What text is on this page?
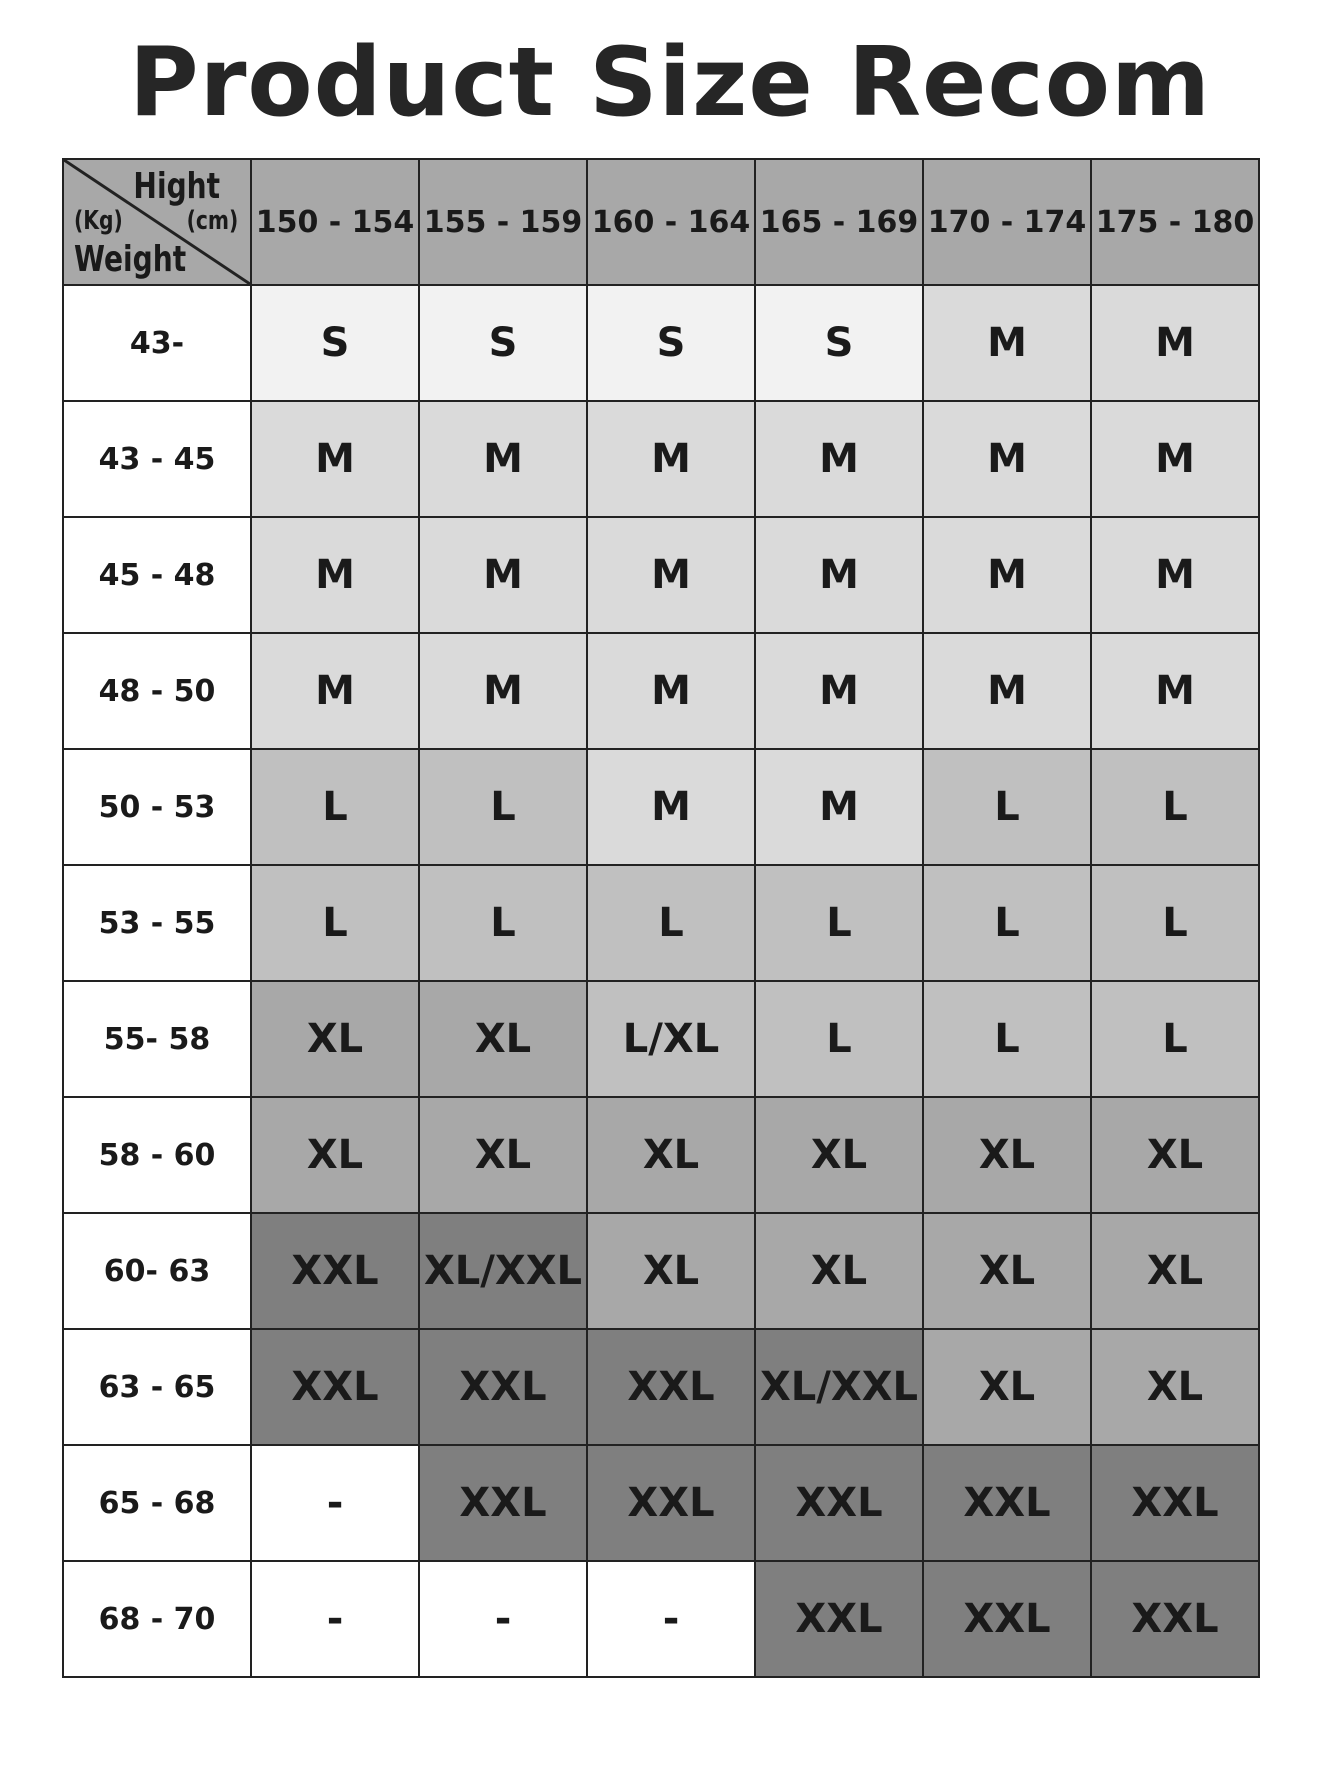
Product Size Recom
Hight
(Kg) (cm)
Weight	150 - 154	155 - 159	160 - 164	165 - 169	170 - 174	175 - 180
43-	S	S	S	S	M	M
43 - 45	M	M	M	M	M	M
45 - 48	M	M	M	M	M	M
48 - 50	M	M	M	M	M	M
50 - 53	L	L	M	M	L	L
53 - 55	L	L	L	L	L	L
55- 58	XL	XL	L/XL	L	L	L
58 - 60	XL	XL	XL	XL	XL	XL
60- 63	XXL	XL/XXL	XL	XL	XL	XL
63 - 65	XXL	XXL	XXL	XL/XXL	XL	XL
65 - 68	-	XXL	XXL	XXL	XXL	XXL
68 - 70	-	-	-	XXL	XXL	XXL
